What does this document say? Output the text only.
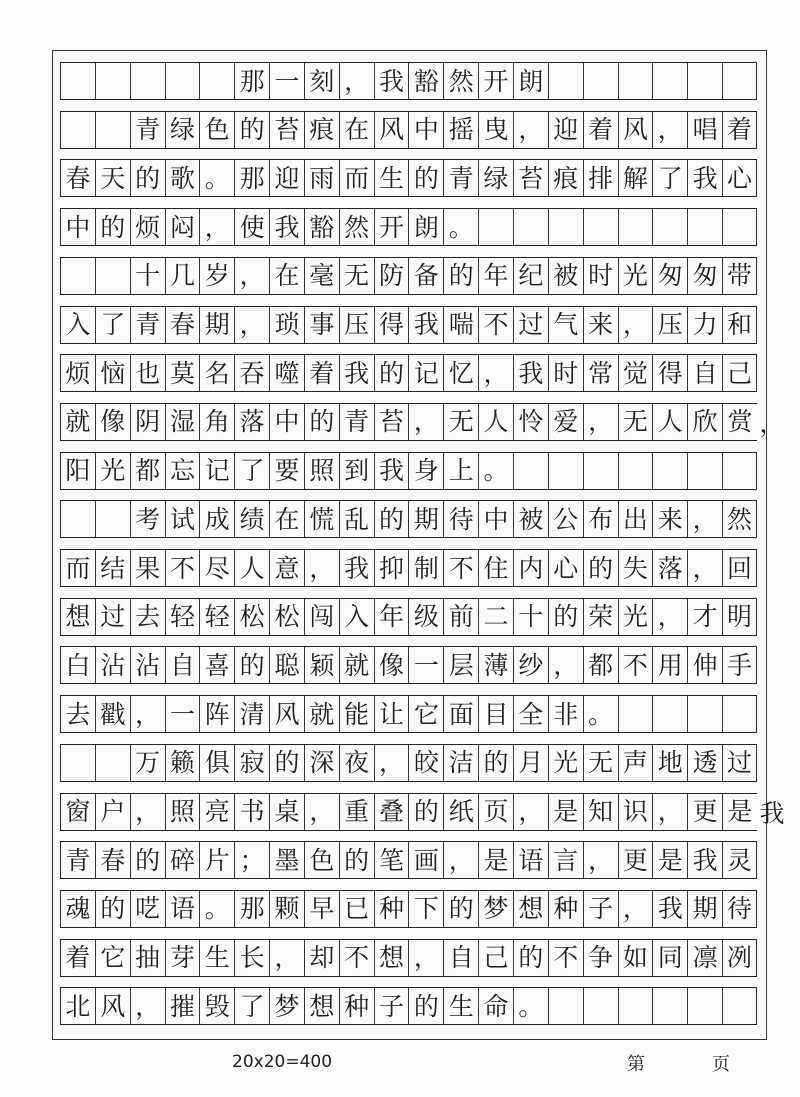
那 一 刻 ， 我 豁 然 开 朗

青 绿 色 的 苔 痕 在 风 中 摇 曳 ， 迎 着 风 ， 唱 着
春 天 的 歌 。 那 迎 雨 而 生 的 青 绿 苔 痕 排 解 了 我 心
中 的 烦 闷 ， 使 我 豁 然 开 朗 。

十 几 岁 ， 在 毫 无 防 备 的 年 纪 被 时 光 匆 匆 带
入 了 青 春 期 ， 琐 事 压 得 我 喘 不 过 气 来 ， 压 力 和
烦 恼 也 莫 名 吞 噬 着 我 的 记 忆 ， 我 时 常 觉 得 自 己
就 像 阴 湿 角 落 中 的 青 苔 ， 无 人 怜 爱 ， 无 人 欣 赏 ，
阳 光 都 忘 记 了 要 照 到 我 身 上 。

考 试 成 绩 在 慌 乱 的 期 待 中 被 公 布 出 来 ， 然
而 结 果 不 尽 人 意 ， 我 抑 制 不 住 内 心 的 失 落 ， 回
想 过 去 轻 轻 松 松 闯 入 年 级 前 二 十 的 荣 光 ， 才 明
白 沾 沾 自 喜 的 聪 颖 就 像 一 层 薄 纱 ， 都 不 用 伸 手
去 戳 ， 一 阵 清 风 就 能 让 它 面 目 全 非 。

万 籁 俱 寂 的 深 夜 ， 皎 洁 的 月 光 无 声 地 透 过
窗 户 ， 照 亮 书 桌 ， 重 叠 的 纸 页 ， 是 知 识 ， 更 是 我
青 春 的 碎 片 ； 墨 色 的 笔 画 ， 是 语 言 ， 更 是 我 灵
魂 的 呓 语 。 那 颗 早 已 种 下 的 梦 想 种 子 ， 我 期 待
着 它 抽 芽 生 长 ， 却 不 想 ， 自 己 的 不 争 如 同 凛 冽
北 风 ， 摧 毁 了 梦 想 种 子 的 生 命 。

20x20=400	第	页
